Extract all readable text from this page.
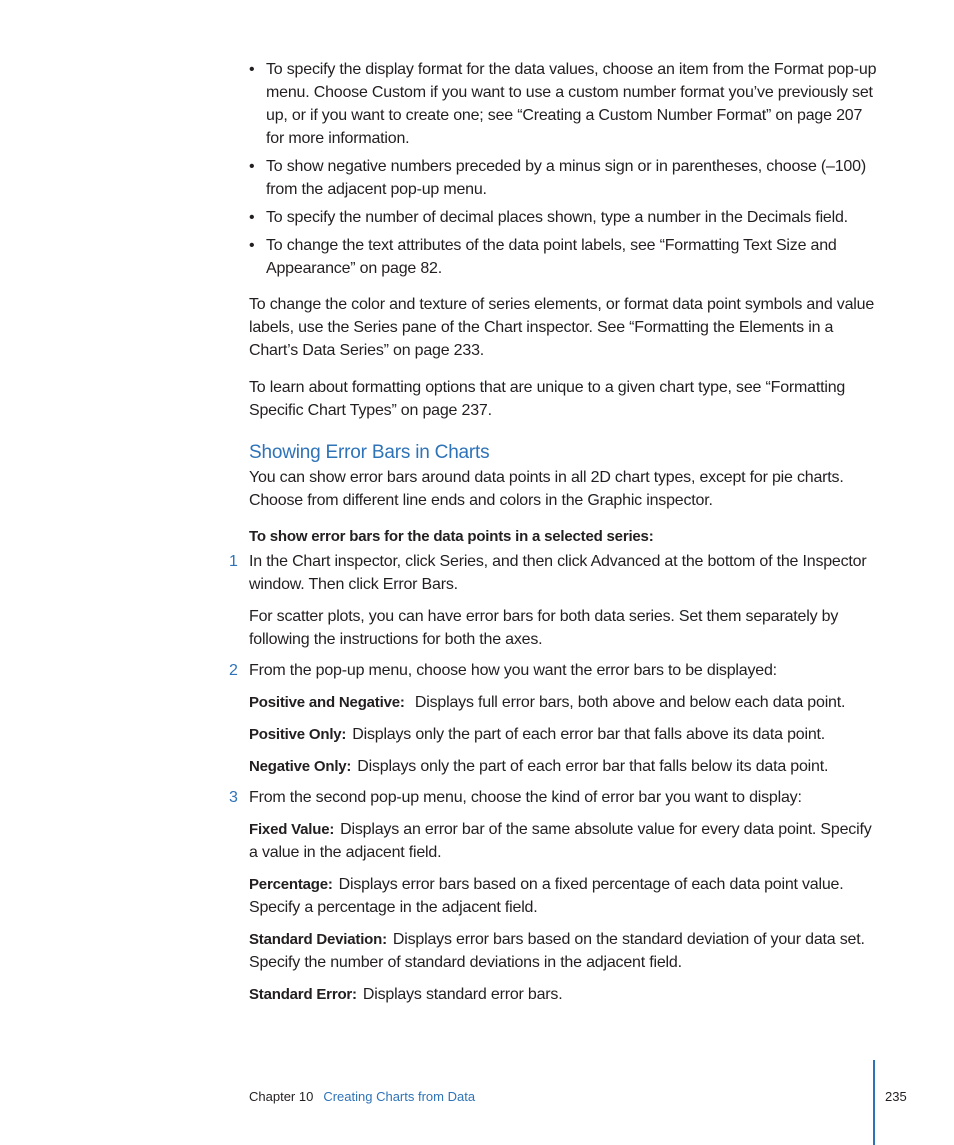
• To specify the display format for the data values, choose an item from the Format pop-up menu. Choose Custom if you want to use a custom number format you’ve previously set up, or if you want to create one; see “Creating a Custom Number Format” on page 207 for more information.
• To show negative numbers preceded by a minus sign or in parentheses, choose (–100) from the adjacent pop-up menu.
• To specify the number of decimal places shown, type a number in the Decimals field.
• To change the text attributes of the data point labels, see “Formatting Text Size and Appearance” on page 82.

To change the color and texture of series elements, or format data point symbols and value labels, use the Series pane of the Chart inspector. See “Formatting the Elements in a Chart’s Data Series” on page 233.

To learn about formatting options that are unique to a given chart type, see “Formatting Specific Chart Types” on page 237.

Showing Error Bars in Charts

You can show error bars around data points in all 2D chart types, except for pie charts. Choose from different line ends and colors in the Graphic inspector.

To show error bars for the data points in a selected series:
1 In the Chart inspector, click Series, and then click Advanced at the bottom of the Inspector window. Then click Error Bars.

For scatter plots, you can have error bars for both data series. Set them separately by following the instructions for both the axes.

2 From the pop-up menu, choose how you want the error bars to be displayed:

Positive and Negative: Displays full error bars, both above and below each data point.

Positive Only: Displays only the part of each error bar that falls above its data point.

Negative Only: Displays only the part of each error bar that falls below its data point.

3 From the second pop-up menu, choose the kind of error bar you want to display:

Fixed Value: Displays an error bar of the same absolute value for every data point. Specify a value in the adjacent field.

Percentage: Displays error bars based on a fixed percentage of each data point value. Specify a percentage in the adjacent field.

Standard Deviation: Displays error bars based on the standard deviation of your data set. Specify the number of standard deviations in the adjacent field.

Standard Error: Displays standard error bars.

Chapter 10 Creating Charts from Data	235
